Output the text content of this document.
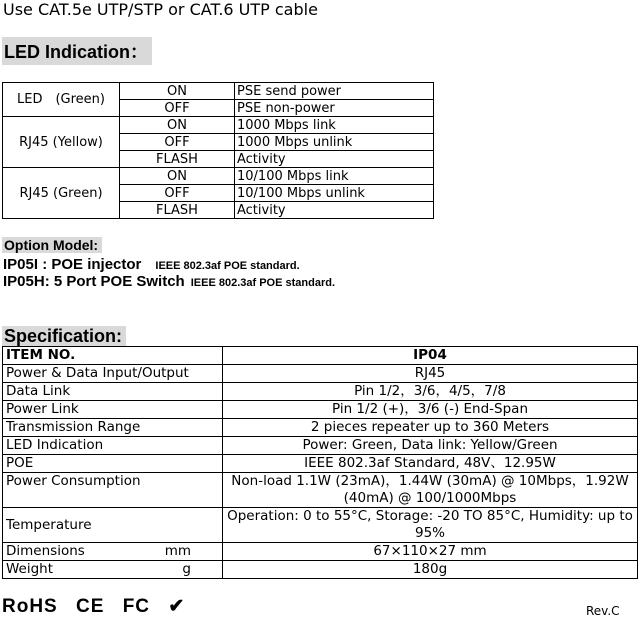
Use CAT.5e UTP/STP or CAT.6 UTP cable
LED Indication：
LED　(Green)	ON	PSE send power
	OFF	PSE non-power
RJ45 (Yellow)	ON	1000 Mbps link
	OFF	1000 Mbps unlink
	FLASH	Activity
RJ45 (Green)	ON	10/100 Mbps link
	OFF	10/100 Mbps unlink
	FLASH	Activity
Option Model:
IP05I : POE injector IEEE 802.3af POE standard.
IP05H: 5 Port POE Switch IEEE 802.3af POE standard.
Specification:
ITEM NO.	IP04
Power & Data Input/Output	RJ45
Data Link	Pin 1/2，3/6，4/5，7/8
Power Link	Pin 1/2 (+)，3/6 (-) End-Span
Transmission Range	2 pieces repeater up to 360 Meters
LED Indication	Power: Green, Data link: Yellow/Green
POE	IEEE 802.3af Standard, 48V、12.95W
Power Consumption	Non-load 1.1W (23mA)，1.44W (30mA) @ 10Mbps，1.92W (40mA) @ 100/1000Mbps
Temperature	Operation: 0 to 55°C, Storage: -20 TO 85°C, Humidity: up to 95%
Dimensions mm	67×110×27 mm
Weight g	180g
RoHS CE FC ✔	Rev.C
